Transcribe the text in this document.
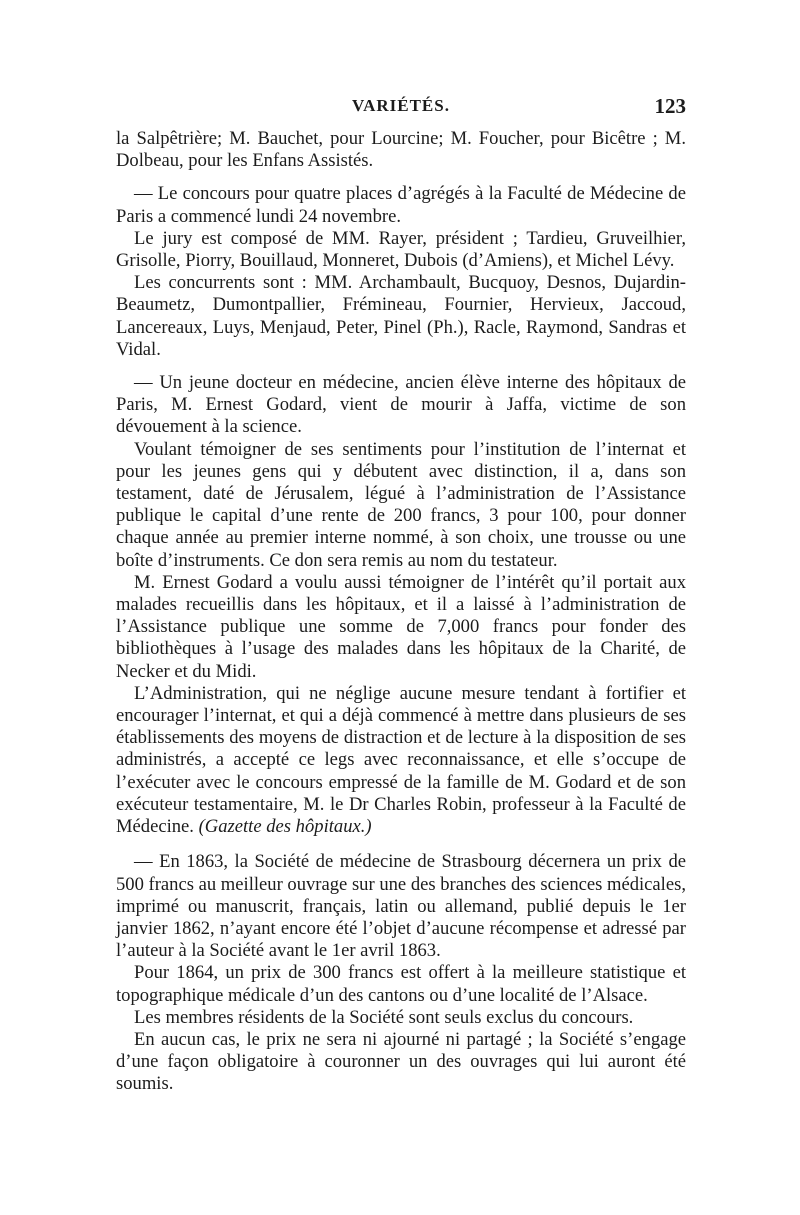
VARIÉTÉS.	123

la Salpêtrière; M. Bauchet, pour Lourcine; M. Foucher, pour Bicêtre ; M. Dolbeau, pour les Enfans Assistés.

— Le concours pour quatre places d’agrégés à la Faculté de Médecine de Paris a commencé lundi 24 novembre.

Le jury est composé de MM. Rayer, président ; Tardieu, Gruveilhier, Grisolle, Piorry, Bouillaud, Monneret, Dubois (d’Amiens), et Michel Lévy.

Les concurrents sont : MM. Archambault, Bucquoy, Desnos, Dujardin-Beaumetz, Dumontpallier, Frémineau, Fournier, Hervieux, Jaccoud, Lancereaux, Luys, Menjaud, Peter, Pinel (Ph.), Racle, Raymond, Sandras et Vidal.

— Un jeune docteur en médecine, ancien élève interne des hôpitaux de Paris, M. Ernest Godard, vient de mourir à Jaffa, victime de son dévouement à la science.

Voulant témoigner de ses sentiments pour l’institution de l’internat et pour les jeunes gens qui y débutent avec distinction, il a, dans son testament, daté de Jérusalem, légué à l’administration de l’Assistance publique le capital d’une rente de 200 francs, 3 pour 100, pour donner chaque année au premier interne nommé, à son choix, une trousse ou une boîte d’instruments. Ce don sera remis au nom du testateur.

M. Ernest Godard a voulu aussi témoigner de l’intérêt qu’il portait aux malades recueillis dans les hôpitaux, et il a laissé à l’administration de l’Assistance publique une somme de 7,000 francs pour fonder des bibliothèques à l’usage des malades dans les hôpitaux de la Charité, de Necker et du Midi.

L’Administration, qui ne néglige aucune mesure tendant à fortifier et encourager l’internat, et qui a déjà commencé à mettre dans plusieurs de ses établissements des moyens de distraction et de lecture à la disposition de ses administrés, a accepté ce legs avec reconnaissance, et elle s’occupe de l’exécuter avec le concours empressé de la famille de M. Godard et de son exécuteur testamentaire, M. le Dr Charles Robin, professeur à la Faculté de Médecine. (Gazette des hôpitaux.)

— En 1863, la Société de médecine de Strasbourg décernera un prix de 500 francs au meilleur ouvrage sur une des branches des sciences médicales, imprimé ou manuscrit, français, latin ou allemand, publié depuis le 1er janvier 1862, n’ayant encore été l’objet d’aucune récompense et adressé par l’auteur à la Société avant le 1er avril 1863.

Pour 1864, un prix de 300 francs est offert à la meilleure statistique et topographique médicale d’un des cantons ou d’une localité de l’Alsace.

Les membres résidents de la Société sont seuls exclus du concours.

En aucun cas, le prix ne sera ni ajourné ni partagé ; la Société s’engage d’une façon obligatoire à couronner un des ouvrages qui lui auront été soumis.
